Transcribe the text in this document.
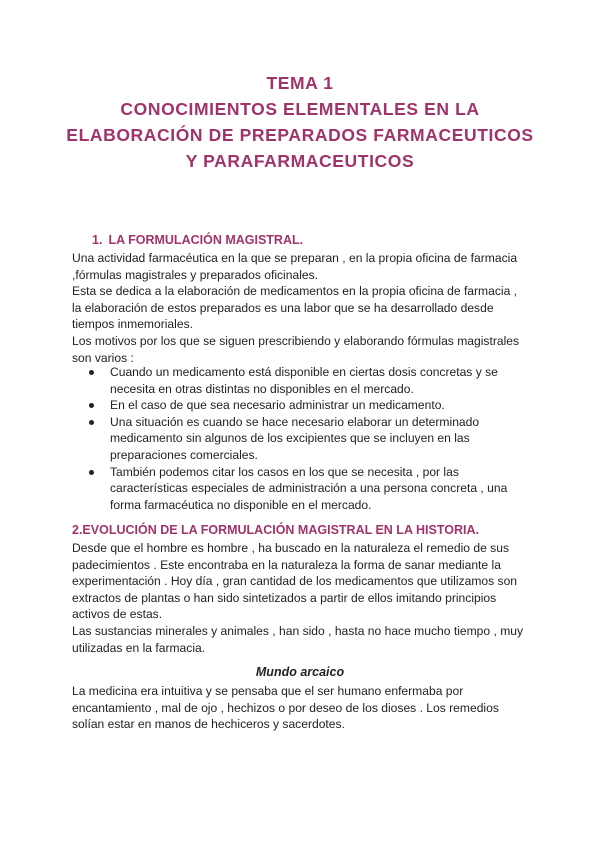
TEMA 1
CONOCIMIENTOS ELEMENTALES EN LA
ELABORACIÓN DE PREPARADOS FARMACEUTICOS
Y PARAFARMACEUTICOS
1. LA FORMULACIÓN MAGISTRAL.
Una actividad farmacéutica en la que se preparan , en la propia oficina de farmacia
,fórmulas magistrales y preparados oficinales.
Esta se dedica a la elaboración de medicamentos en la propia oficina de farmacia ,
la elaboración de estos preparados es una labor que se ha desarrollado desde
tiempos inmemoriales.
Los motivos por los que se siguen prescribiendo y elaborando fórmulas magistrales
son varios :
Cuando un medicamento está disponible en ciertas dosis concretas y se
necesita en otras distintas no disponibles en el mercado.
En el caso de que sea necesario administrar un medicamento.
Una situación es cuando se hace necesario elaborar un determinado
medicamento sin algunos de los excipientes que se incluyen en las
preparaciones comerciales.
También podemos citar los casos en los que se necesita , por las
características especiales de administración a una persona concreta , una
forma farmacéutica no disponible en el mercado.
2.EVOLUCIÓN DE LA FORMULACIÓN MAGISTRAL EN LA HISTORIA.
Desde que el hombre es hombre , ha buscado en la naturaleza el remedio de sus
padecimientos . Este encontraba en la naturaleza la forma de sanar mediante la
experimentación . Hoy día , gran cantidad de los medicamentos que utilizamos son
extractos de plantas o han sido sintetizados a partir de ellos imitando principios
activos de estas.
Las sustancias minerales y animales , han sido , hasta no hace mucho tiempo , muy
utilizadas en la farmacia.
Mundo arcaico
La medicina era intuitiva y se pensaba que el ser humano enfermaba por
encantamiento , mal de ojo , hechizos o por deseo de los dioses . Los remedios
solían estar en manos de hechiceros y sacerdotes.
